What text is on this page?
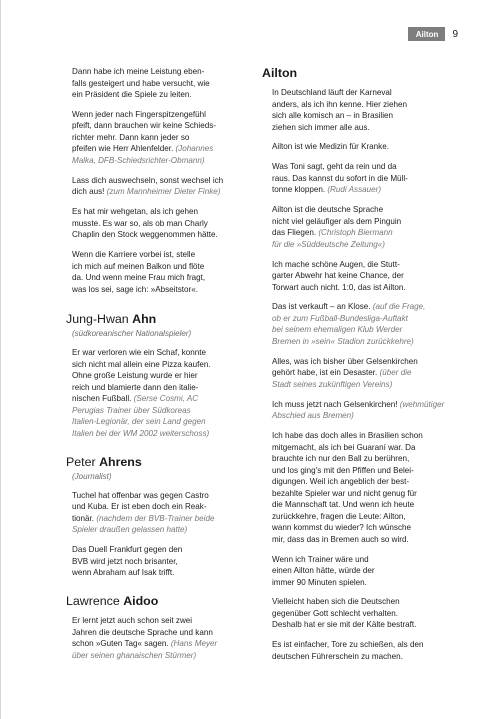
Ailton	9

Dann habe ich meine Leistung eben-
falls gesteigert und habe versucht, wie
ein Präsident die Spiele zu leiten.

Wenn jeder nach Fingerspitzengefühl
pfeift, dann brauchen wir keine Schieds-
richter mehr. Dann kann jeder so
pfeifen wie Herr Ahlenfelder. (Johannes
Malka, DFB-Schiedsrichter-Obmann)

Lass dich auswechseln, sonst wechsel ich
dich aus! (zum Mannheimer Dieter Finke)

Es hat mir wehgetan, als ich gehen
musste. Es war so, als ob man Charly
Chaplin den Stock weggenommen hätte.

Wenn die Karriere vorbei ist, stelle
ich mich auf meinen Balkon und flöte
da. Und wenn meine Frau mich fragt,
was los sei, sage ich: »Abseitstor«.

Jung-Hwan Ahn
(südkoreanischer Nationalspieler)

Er war verloren wie ein Schaf, konnte
sich nicht mal allein eine Pizza kaufen.
Ohne große Leistung wurde er hier
reich und blamierte dann den italie-
nischen Fußball. (Serse Cosmi, AC
Perugias Trainer über Südkoreas
Italien-Legionär, der sein Land gegen
Italien bei der WM 2002 weiterschoss)

Peter Ahrens
(Journalist)

Tuchel hat offenbar was gegen Castro
und Kuba. Er ist eben doch ein Reak-
tionär. (nachdem der BVB-Trainer beide
Spieler draußen gelassen hatte)

Das Duell Frankfurt gegen den
BVB wird jetzt noch brisanter,
wenn Abraham auf Isak trifft.

Lawrence Aidoo

Er lernt jetzt auch schon seit zwei
Jahren die deutsche Sprache und kann
schon »Guten Tag« sagen. (Hans Meyer
über seinen ghanaischen Stürmer)

Ailton

In Deutschland läuft der Karneval
anders, als ich ihn kenne. Hier ziehen
sich alle komisch an – in Brasilien
ziehen sich immer alle aus.

Ailton ist wie Medizin für Kranke.

Was Toni sagt, geht da rein und da
raus. Das kannst du sofort in die Müll-
tonne kloppen. (Rudi Assauer)

Ailton ist die deutsche Sprache
nicht viel geläufiger als dem Pinguin
das Fliegen. (Christoph Biermann
für die »Süddeutsche Zeitung«)

Ich mache schöne Augen, die Stutt-
garter Abwehr hat keine Chance, der
Torwart auch nicht. 1:0, das ist Ailton.

Das ist verkauft – an Klose. (auf die Frage,
ob er zum Fußball-Bundesliga-Auftakt
bei seinem ehemaligen Klub Werder
Bremen in »sein« Stadion zurückkehre)

Alles, was ich bisher über Gelsenkirchen
gehört habe, ist ein Desaster. (über die
Stadt seines zukünftigen Vereins)

Ich muss jetzt nach Gelsenkirchen! (wehmütiger Abschied aus Bremen)

Ich habe das doch alles in Brasilien schon
mitgemacht, als ich bei Guaraní war. Da
brauchte ich nur den Ball zu berühren,
und los ging's mit den Pfiffen und Belei-
digungen. Weil ich angeblich der best-
bezahlte Spieler war und nicht genug für
die Mannschaft tat. Und wenn ich heute
zurückkehre, fragen die Leute: Ailton,
wann kommst du wieder? Ich wünsche
mir, dass das in Bremen auch so wird.

Wenn ich Trainer wäre und
einen Ailton hätte, würde der
immer 90 Minuten spielen.

Vielleicht haben sich die Deutschen
gegenüber Gott schlecht verhalten.
Deshalb hat er sie mit der Kälte bestraft.

Es ist einfacher, Tore zu schießen, als den
deutschen Führerschein zu machen.
